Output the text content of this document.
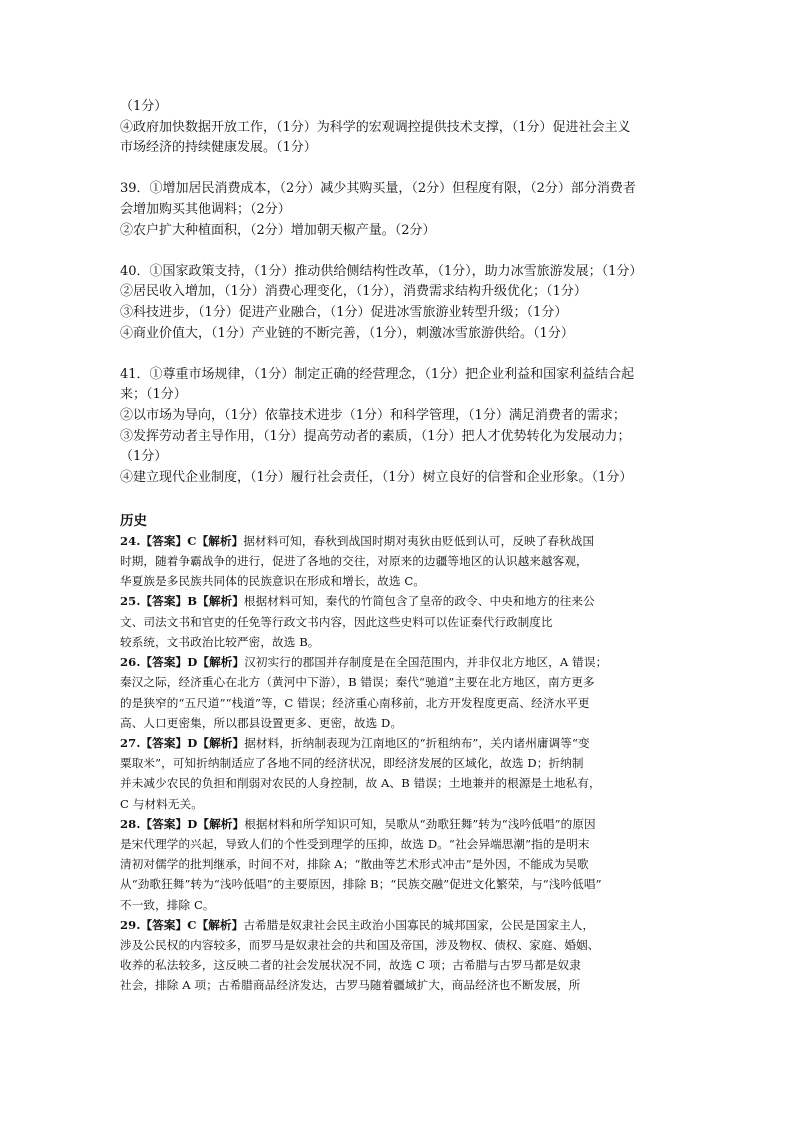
（1分）
④政府加快数据开放工作，（1分）为科学的宏观调控提供技术支撑，（1分）促进社会主义
市场经济的持续健康发展。（1分）
39．①增加居民消费成本，（2分）减少其购买量，（2分）但程度有限，（2分）部分消费者
会增加购买其他调料；（2分）
②农户扩大种植面积，（2分）增加朝天椒产量。（2分）
40．①国家政策支持，（1分）推动供给侧结构性改革，（1分），助力冰雪旅游发展；（1分）
②居民收入增加，（1分）消费心理变化，（1分），消费需求结构升级优化；（1分）
③科技进步，（1分）促进产业融合，（1分）促进冰雪旅游业转型升级；（1分）
④商业价值大，（1分）产业链的不断完善，（1分），刺激冰雪旅游供给。（1分）
41．①尊重市场规律，（1分）制定正确的经营理念，（1分）把企业利益和国家利益结合起
来；（1分）
②以市场为导向，（1分）依靠技术进步（1分）和科学管理，（1分）满足消费者的需求；
③发挥劳动者主导作用，（1分）提高劳动者的素质，（1分）把人才优势转化为发展动力；
（1分）
④建立现代企业制度，（1分）履行社会责任，（1分）树立良好的信誉和企业形象。（1分）
历史
24.【答案】C【解析】据材料可知，春秋到战国时期对夷狄由贬低到认可，反映了春秋战国
时期，随着争霸战争的进行，促进了各地的交往，对原来的边疆等地区的认识越来越客观，
华夏族是多民族共同体的民族意识在形成和增长，故选 C。
25.【答案】B【解析】根据材料可知，秦代的竹简包含了皇帝的政令、中央和地方的往来公
文、司法文书和官吏的任免等行政文书内容，因此这些史料可以佐证秦代行政制度比
较系统，文书政治比较严密，故选 B。
26.【答案】D【解析】汉初实行的郡国并存制度是在全国范围内，并非仅北方地区，A 错误；
秦汉之际，经济重心在北方（黄河中下游），B 错误；秦代“驰道”主要在北方地区，南方更多
的是狭窄的“五尺道”“栈道”等，C 错误；经济重心南移前，北方开发程度更高、经济水平更
高、人口更密集，所以郡县设置更多、更密，故选 D。
27.【答案】D【解析】据材料，折纳制表现为江南地区的“折租纳布”，关内诸州庸调等“变
粟取米”，可知折纳制适应了各地不同的经济状况，即经济发展的区域化，故选 D；折纳制
并未减少农民的负担和削弱对农民的人身控制，故 A、B 错误；土地兼并的根源是土地私有，
C 与材料无关。
28.【答案】D【解析】根据材料和所学知识可知，吴歌从“劲歌狂舞”转为“浅吟低唱”的原因
是宋代理学的兴起，导致人们的个性受到理学的压抑，故选 D。“社会异端思潮”指的是明末
清初对儒学的批判继承，时间不对，排除 A；“散曲等艺术形式冲击”是外因，不能成为吴歌
从“劲歌狂舞”转为“浅吟低唱”的主要原因，排除 B；“民族交融”促进文化繁荣，与“浅吟低唱”
不一致，排除 C。
29.【答案】C【解析】古希腊是奴隶社会民主政治小国寡民的城邦国家，公民是国家主人，
涉及公民权的内容较多，而罗马是奴隶社会的共和国及帝国，涉及物权、债权、家庭、婚姻、
收养的私法较多，这反映二者的社会发展状况不同，故选 C 项；古希腊与古罗马都是奴隶
社会，排除 A 项；古希腊商品经济发达，古罗马随着疆域扩大，商品经济也不断发展，所
